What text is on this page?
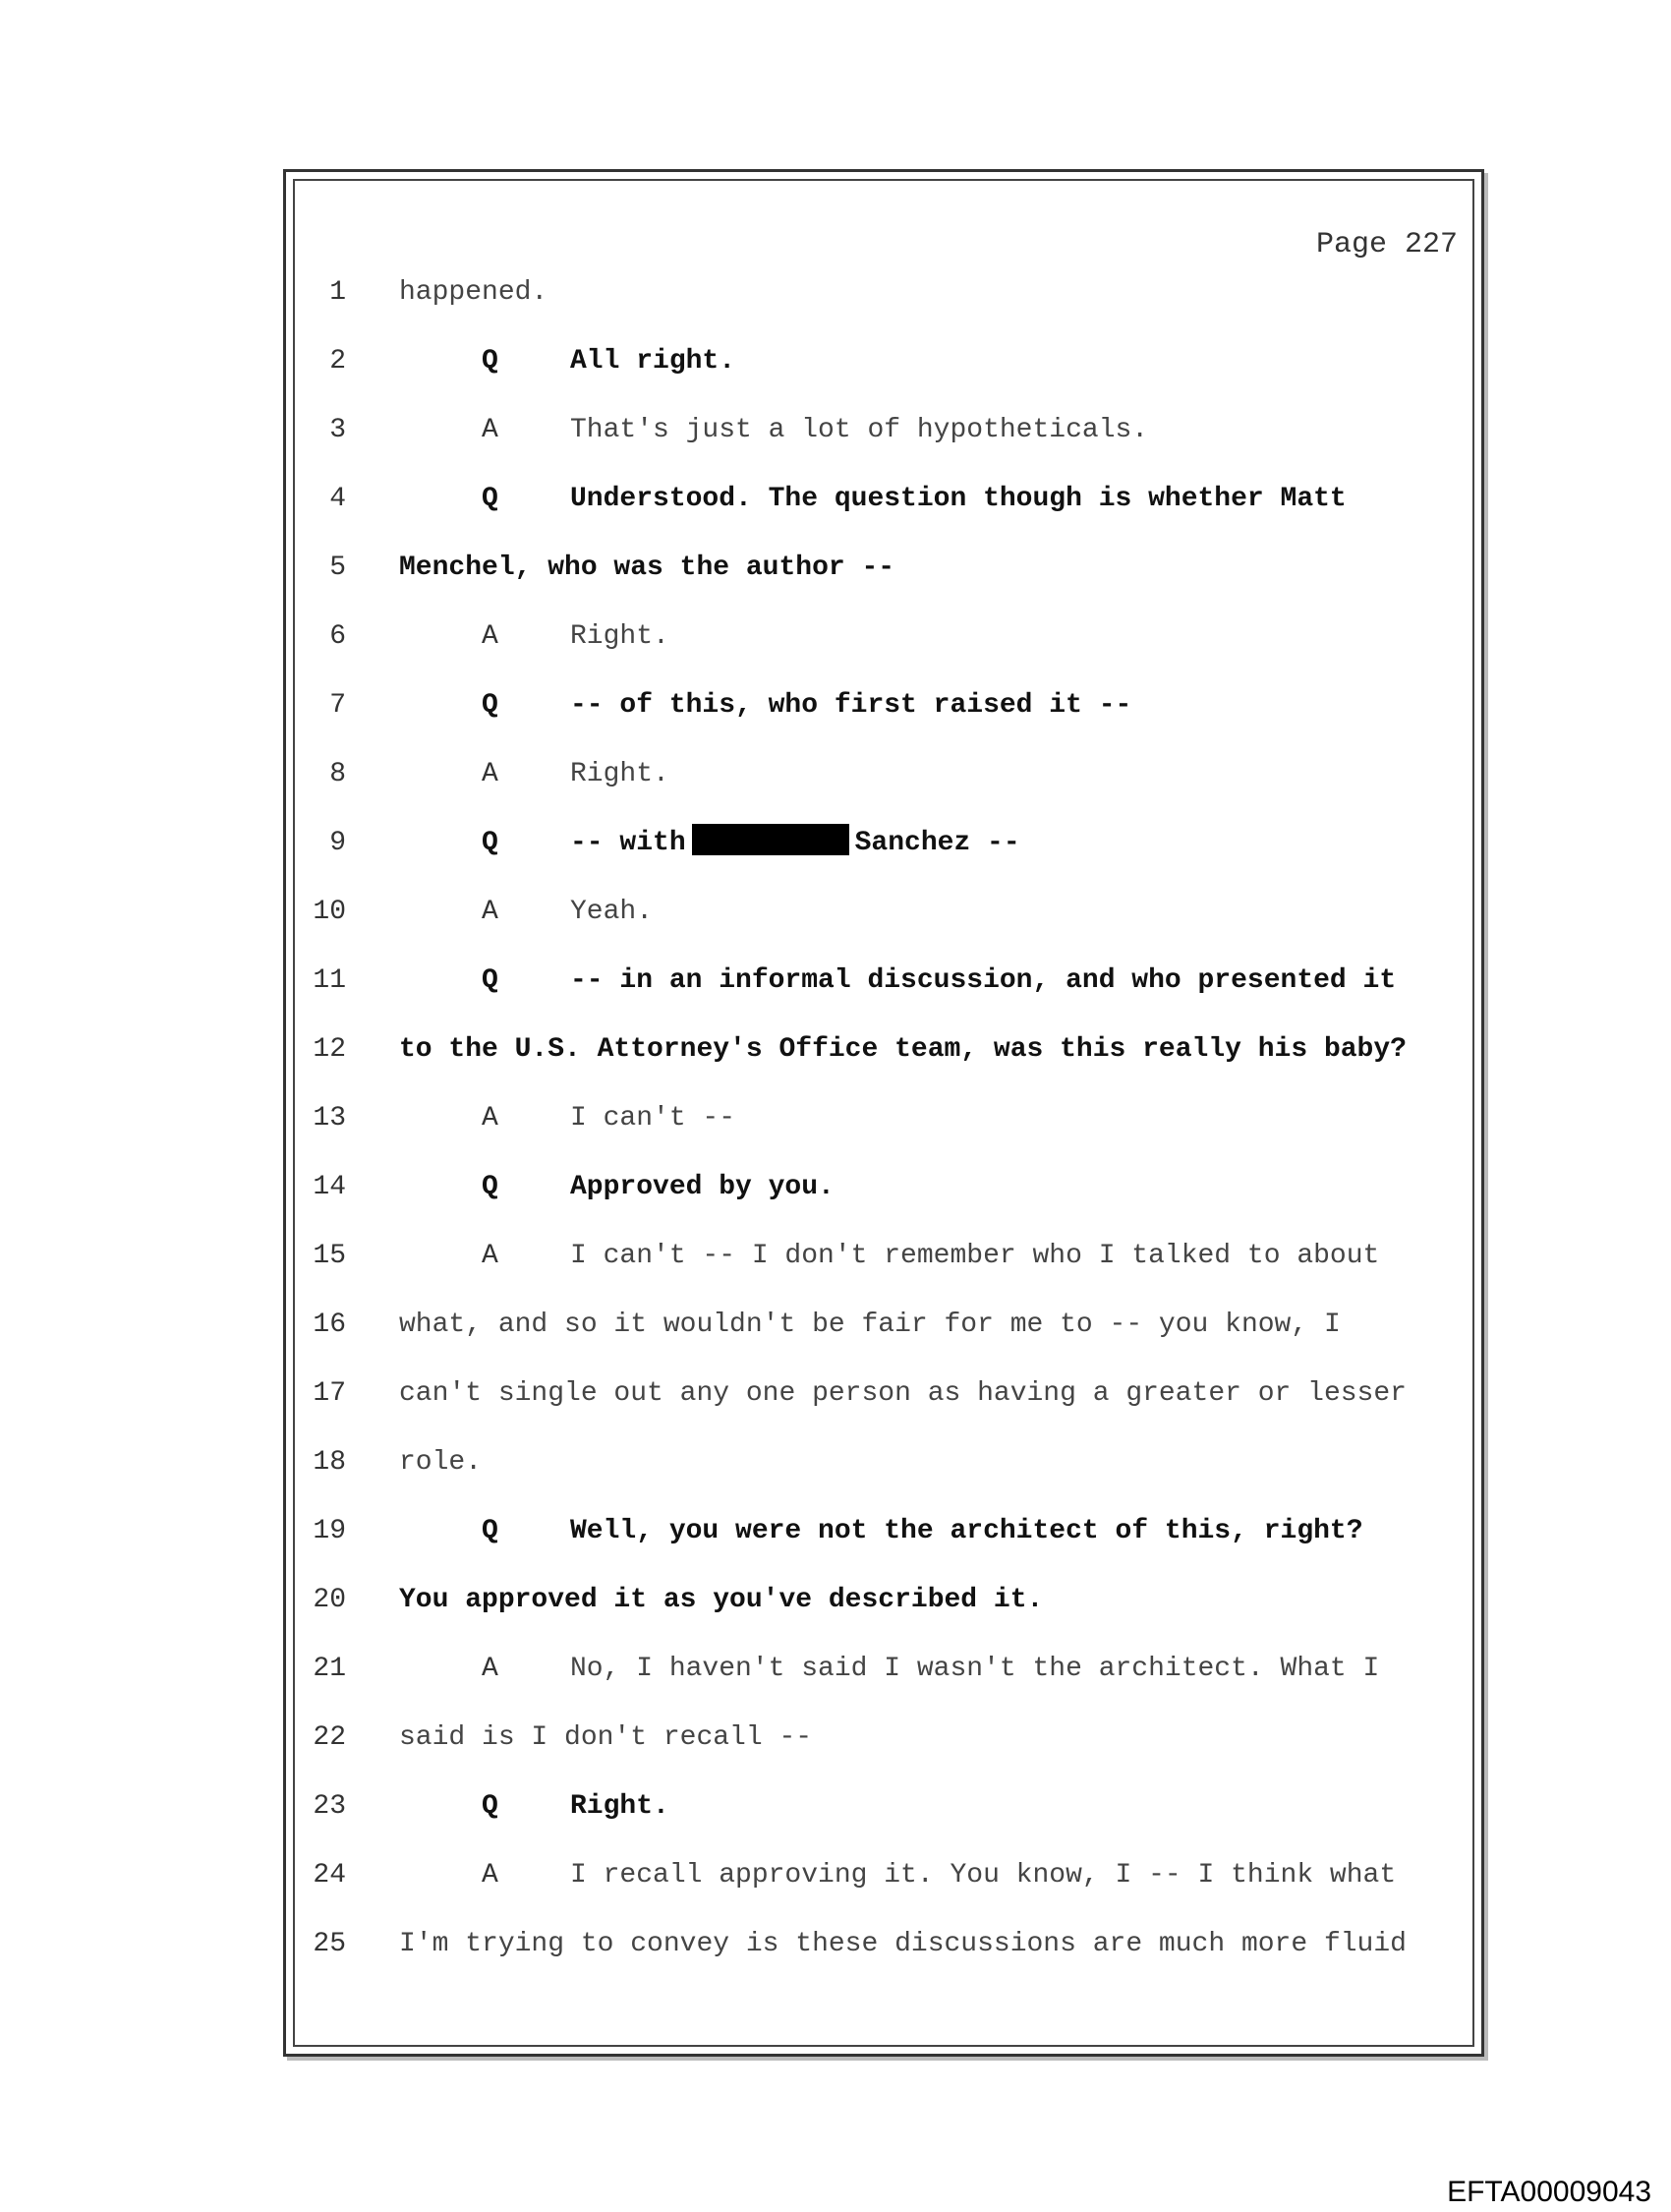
Page 227
1 happened.
2	Q	All right.
3	A	That's just a lot of hypotheticals.
4	Q	Understood. The question though is whether Matt
5 Menchel, who was the author --
6	A	Right.
7	Q	-- of this, who first raised it --
8	A	Right.
9	Q	-- with	Sanchez --
10	A	Yeah.
11	Q	-- in an informal discussion, and who presented it
12 to the U.S. Attorney's Office team, was this really his baby?
13	A	I can't --
14	Q	Approved by you.
15	A	I can't -- I don't remember who I talked to about
16 what, and so it wouldn't be fair for me to -- you know, I
17 can't single out any one person as having a greater or lesser
18 role.
19	Q	Well, you were not the architect of this, right?
20 You approved it as you've described it.
21	A	No, I haven't said I wasn't the architect. What I
22 said is I don't recall --
23	Q	Right.
24	A	I recall approving it. You know, I -- I think what
25 I'm trying to convey is these discussions are much more fluid
EFTA00009043
